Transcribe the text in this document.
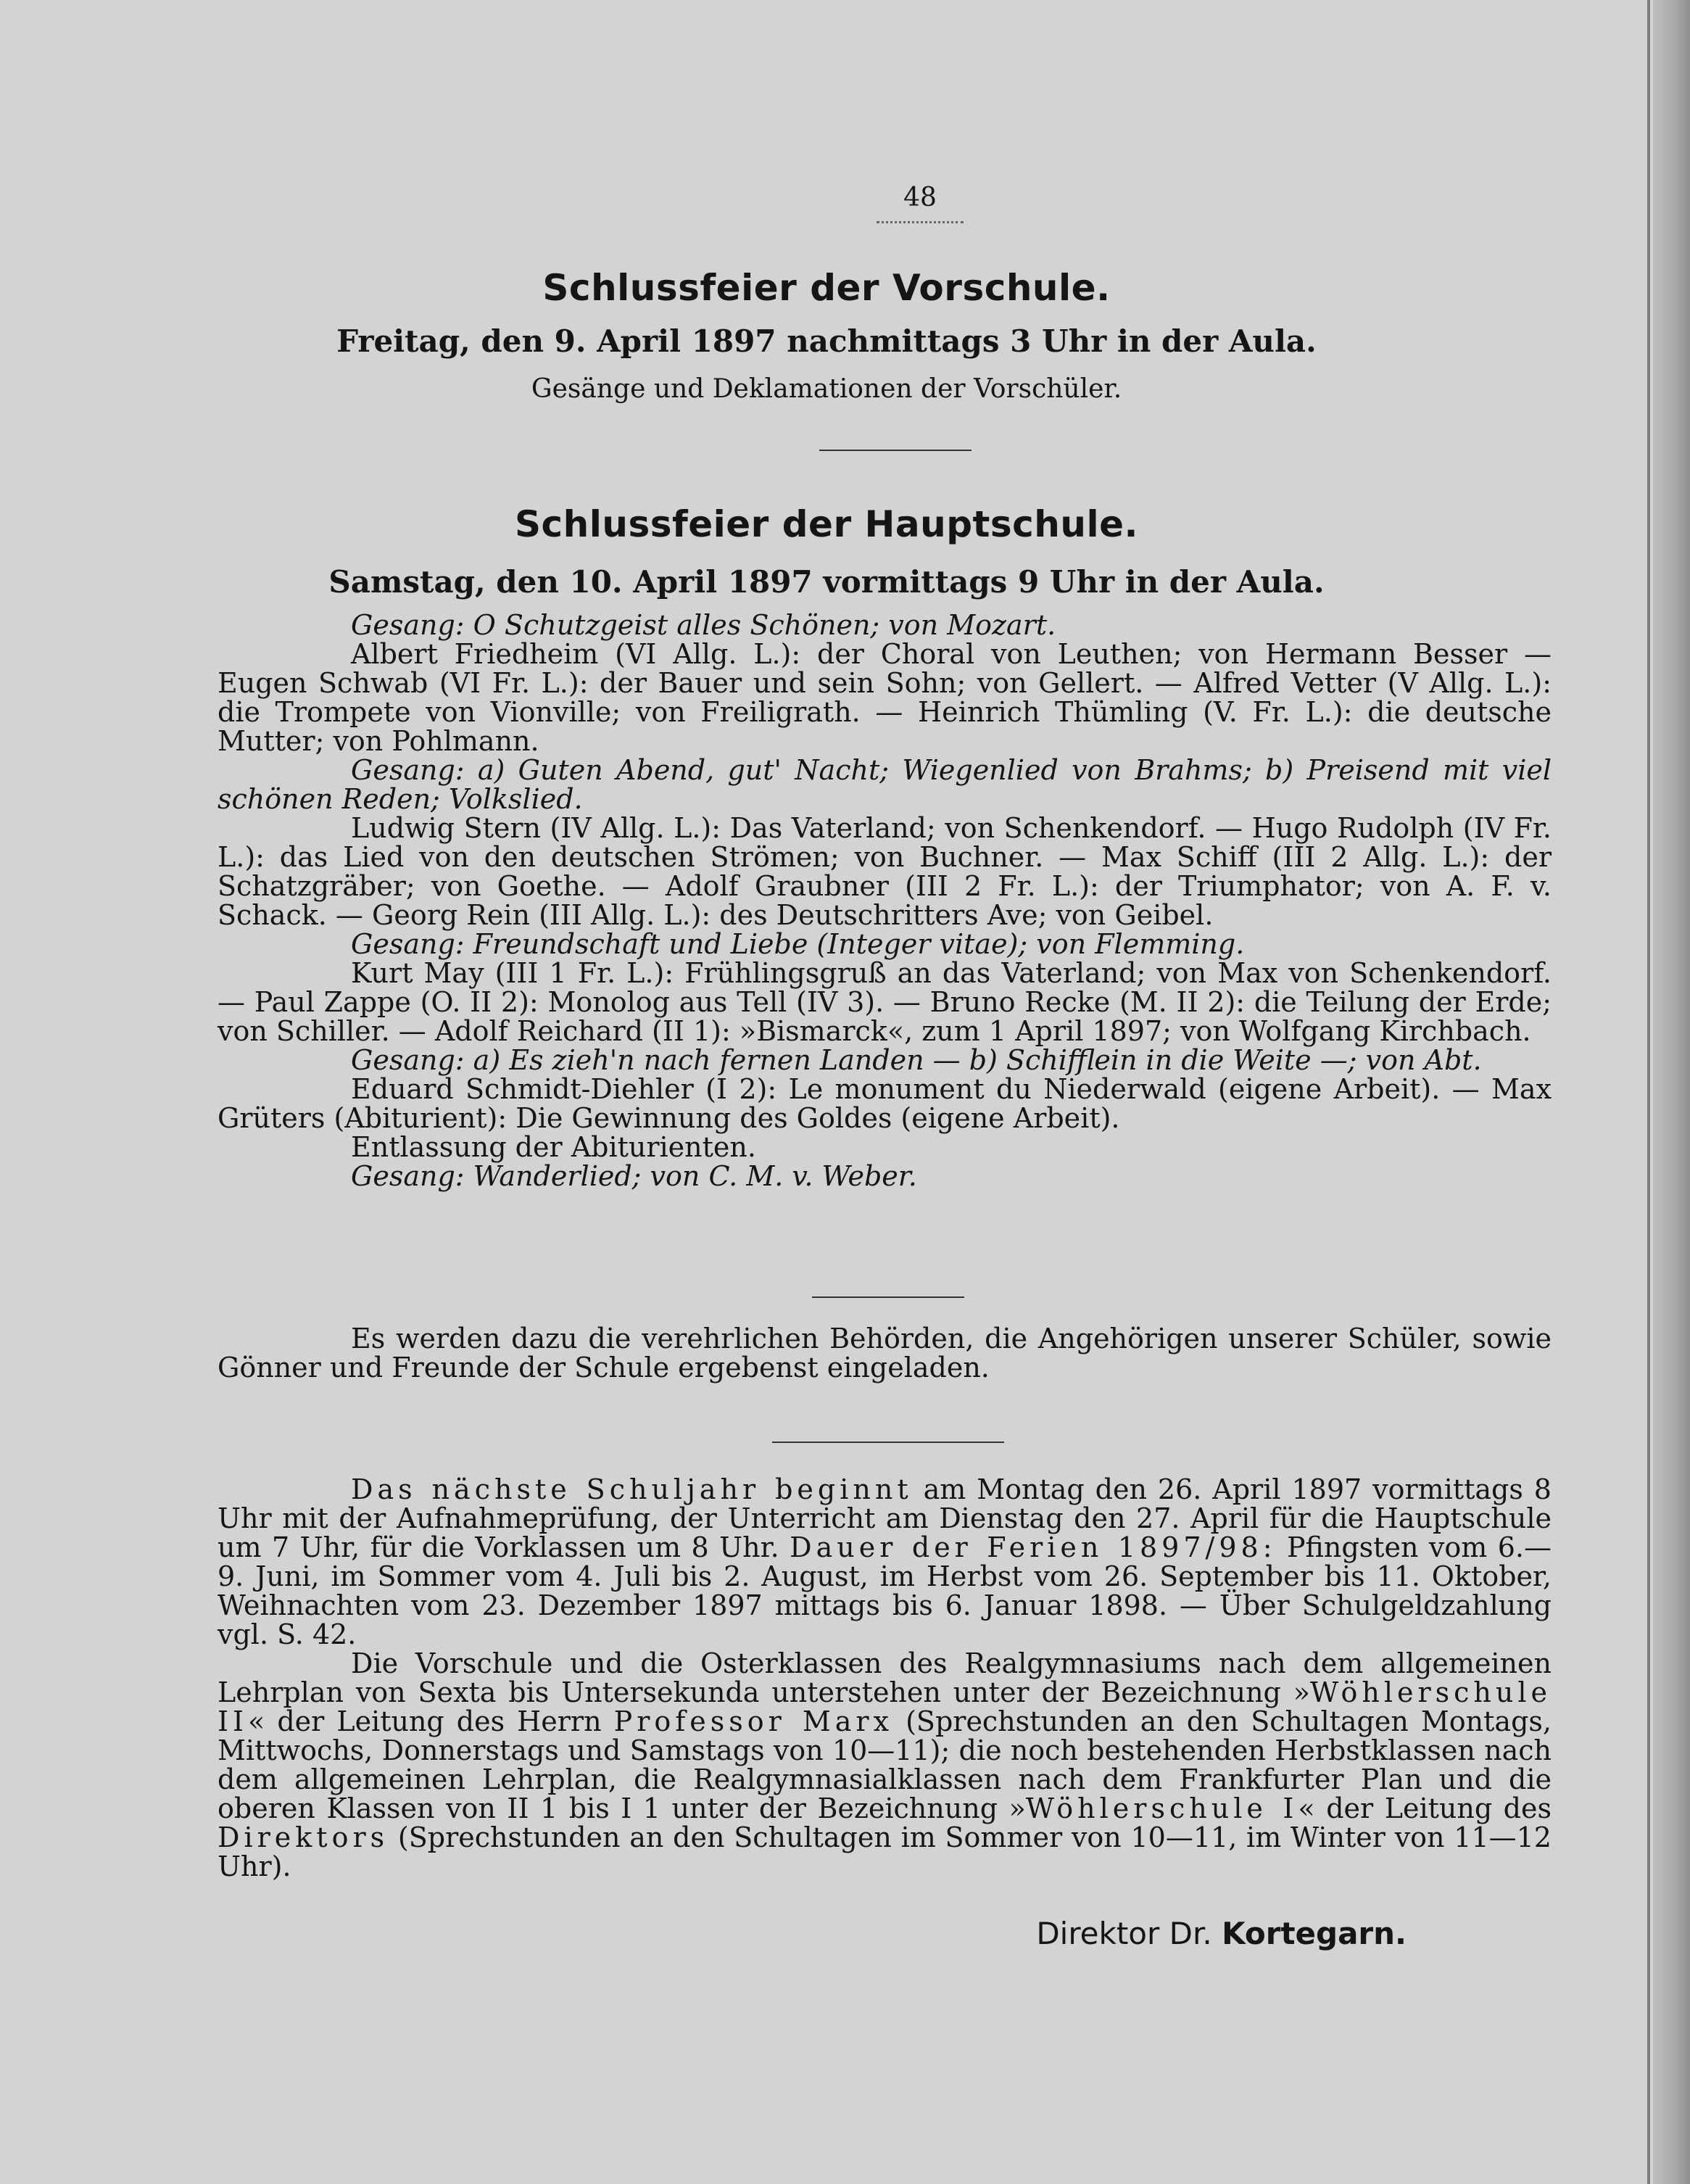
48
Schlussfeier der Vorschule.
Freitag, den 9. April 1897 nachmittags 3 Uhr in der Aula.
Gesänge und Deklamationen der Vorschüler.
Schlussfeier der Hauptschule.
Samstag, den 10. April 1897 vormittags 9 Uhr in der Aula.
Gesang: O Schutzgeist alles Schönen; von Mozart.
Albert Friedheim (VI Allg. L.): der Choral von Leuthen; von Hermann Besser — Eugen Schwab (VI Fr. L.): der Bauer und sein Sohn; von Gellert. — Alfred Vetter (V Allg. L.): die Trompete von Vionville; von Freiligrath. — Heinrich Thümling (V. Fr. L.): die deutsche Mutter; von Pohlmann.
Gesang: a) Guten Abend, gut' Nacht; Wiegenlied von Brahms; b) Preisend mit viel schönen Reden; Volkslied.
Ludwig Stern (IV Allg. L.): Das Vaterland; von Schenkendorf. — Hugo Rudolph (IV Fr. L.): das Lied von den deutschen Strömen; von Buchner. — Max Schiff (III 2 Allg. L.): der Schatzgräber; von Goethe. — Adolf Graubner (III 2 Fr. L.): der Triumphator; von A. F. v. Schack. — Georg Rein (III Allg. L.): des Deutschritters Ave; von Geibel.
Gesang: Freundschaft und Liebe (Integer vitae); von Flemming.
Kurt May (III 1 Fr. L.): Frühlingsgruß an das Vaterland; von Max von Schenkendorf. — Paul Zappe (O. II 2): Monolog aus Tell (IV 3). — Bruno Recke (M. II 2): die Teilung der Erde; von Schiller. — Adolf Reichard (II 1): »Bismarck«, zum 1 April 1897; von Wolfgang Kirchbach.
Gesang: a) Es zieh'n nach fernen Landen — b) Schifflein in die Weite —; von Abt.
Eduard Schmidt-Diehler (I 2): Le monument du Niederwald (eigene Arbeit). — Max Grüters (Abiturient): Die Gewinnung des Goldes (eigene Arbeit).
Entlassung der Abiturienten.
Gesang: Wanderlied; von C. M. v. Weber.
Es werden dazu die verehrlichen Behörden, die Angehörigen unserer Schüler, sowie Gönner und Freunde der Schule ergebenst eingeladen.
Das nächste Schuljahr beginnt am Montag den 26. April 1897 vormittags 8 Uhr mit der Aufnahmeprüfung, der Unterricht am Dienstag den 27. April für die Hauptschule um 7 Uhr, für die Vorklassen um 8 Uhr. Dauer der Ferien 1897/98: Pfingsten vom 6.—9. Juni, im Sommer vom 4. Juli bis 2. August, im Herbst vom 26. September bis 11. Oktober, Weihnachten vom 23. Dezember 1897 mittags bis 6. Januar 1898. — Über Schulgeldzahlung vgl. S. 42.
Die Vorschule und die Osterklassen des Realgymnasiums nach dem allgemeinen Lehrplan von Sexta bis Untersekunda unterstehen unter der Bezeichnung »Wöhlerschule II« der Leitung des Herrn Professor Marx (Sprechstunden an den Schultagen Montags, Mittwochs, Donnerstags und Samstags von 10—11); die noch bestehenden Herbstklassen nach dem allgemeinen Lehrplan, die Realgymnasialklassen nach dem Frankfurter Plan und die oberen Klassen von II 1 bis I 1 unter der Bezeichnung »Wöhlerschule I« der Leitung des Direktors (Sprechstunden an den Schultagen im Sommer von 10—11, im Winter von 11—12 Uhr).
Direktor Dr. Kortegarn.
